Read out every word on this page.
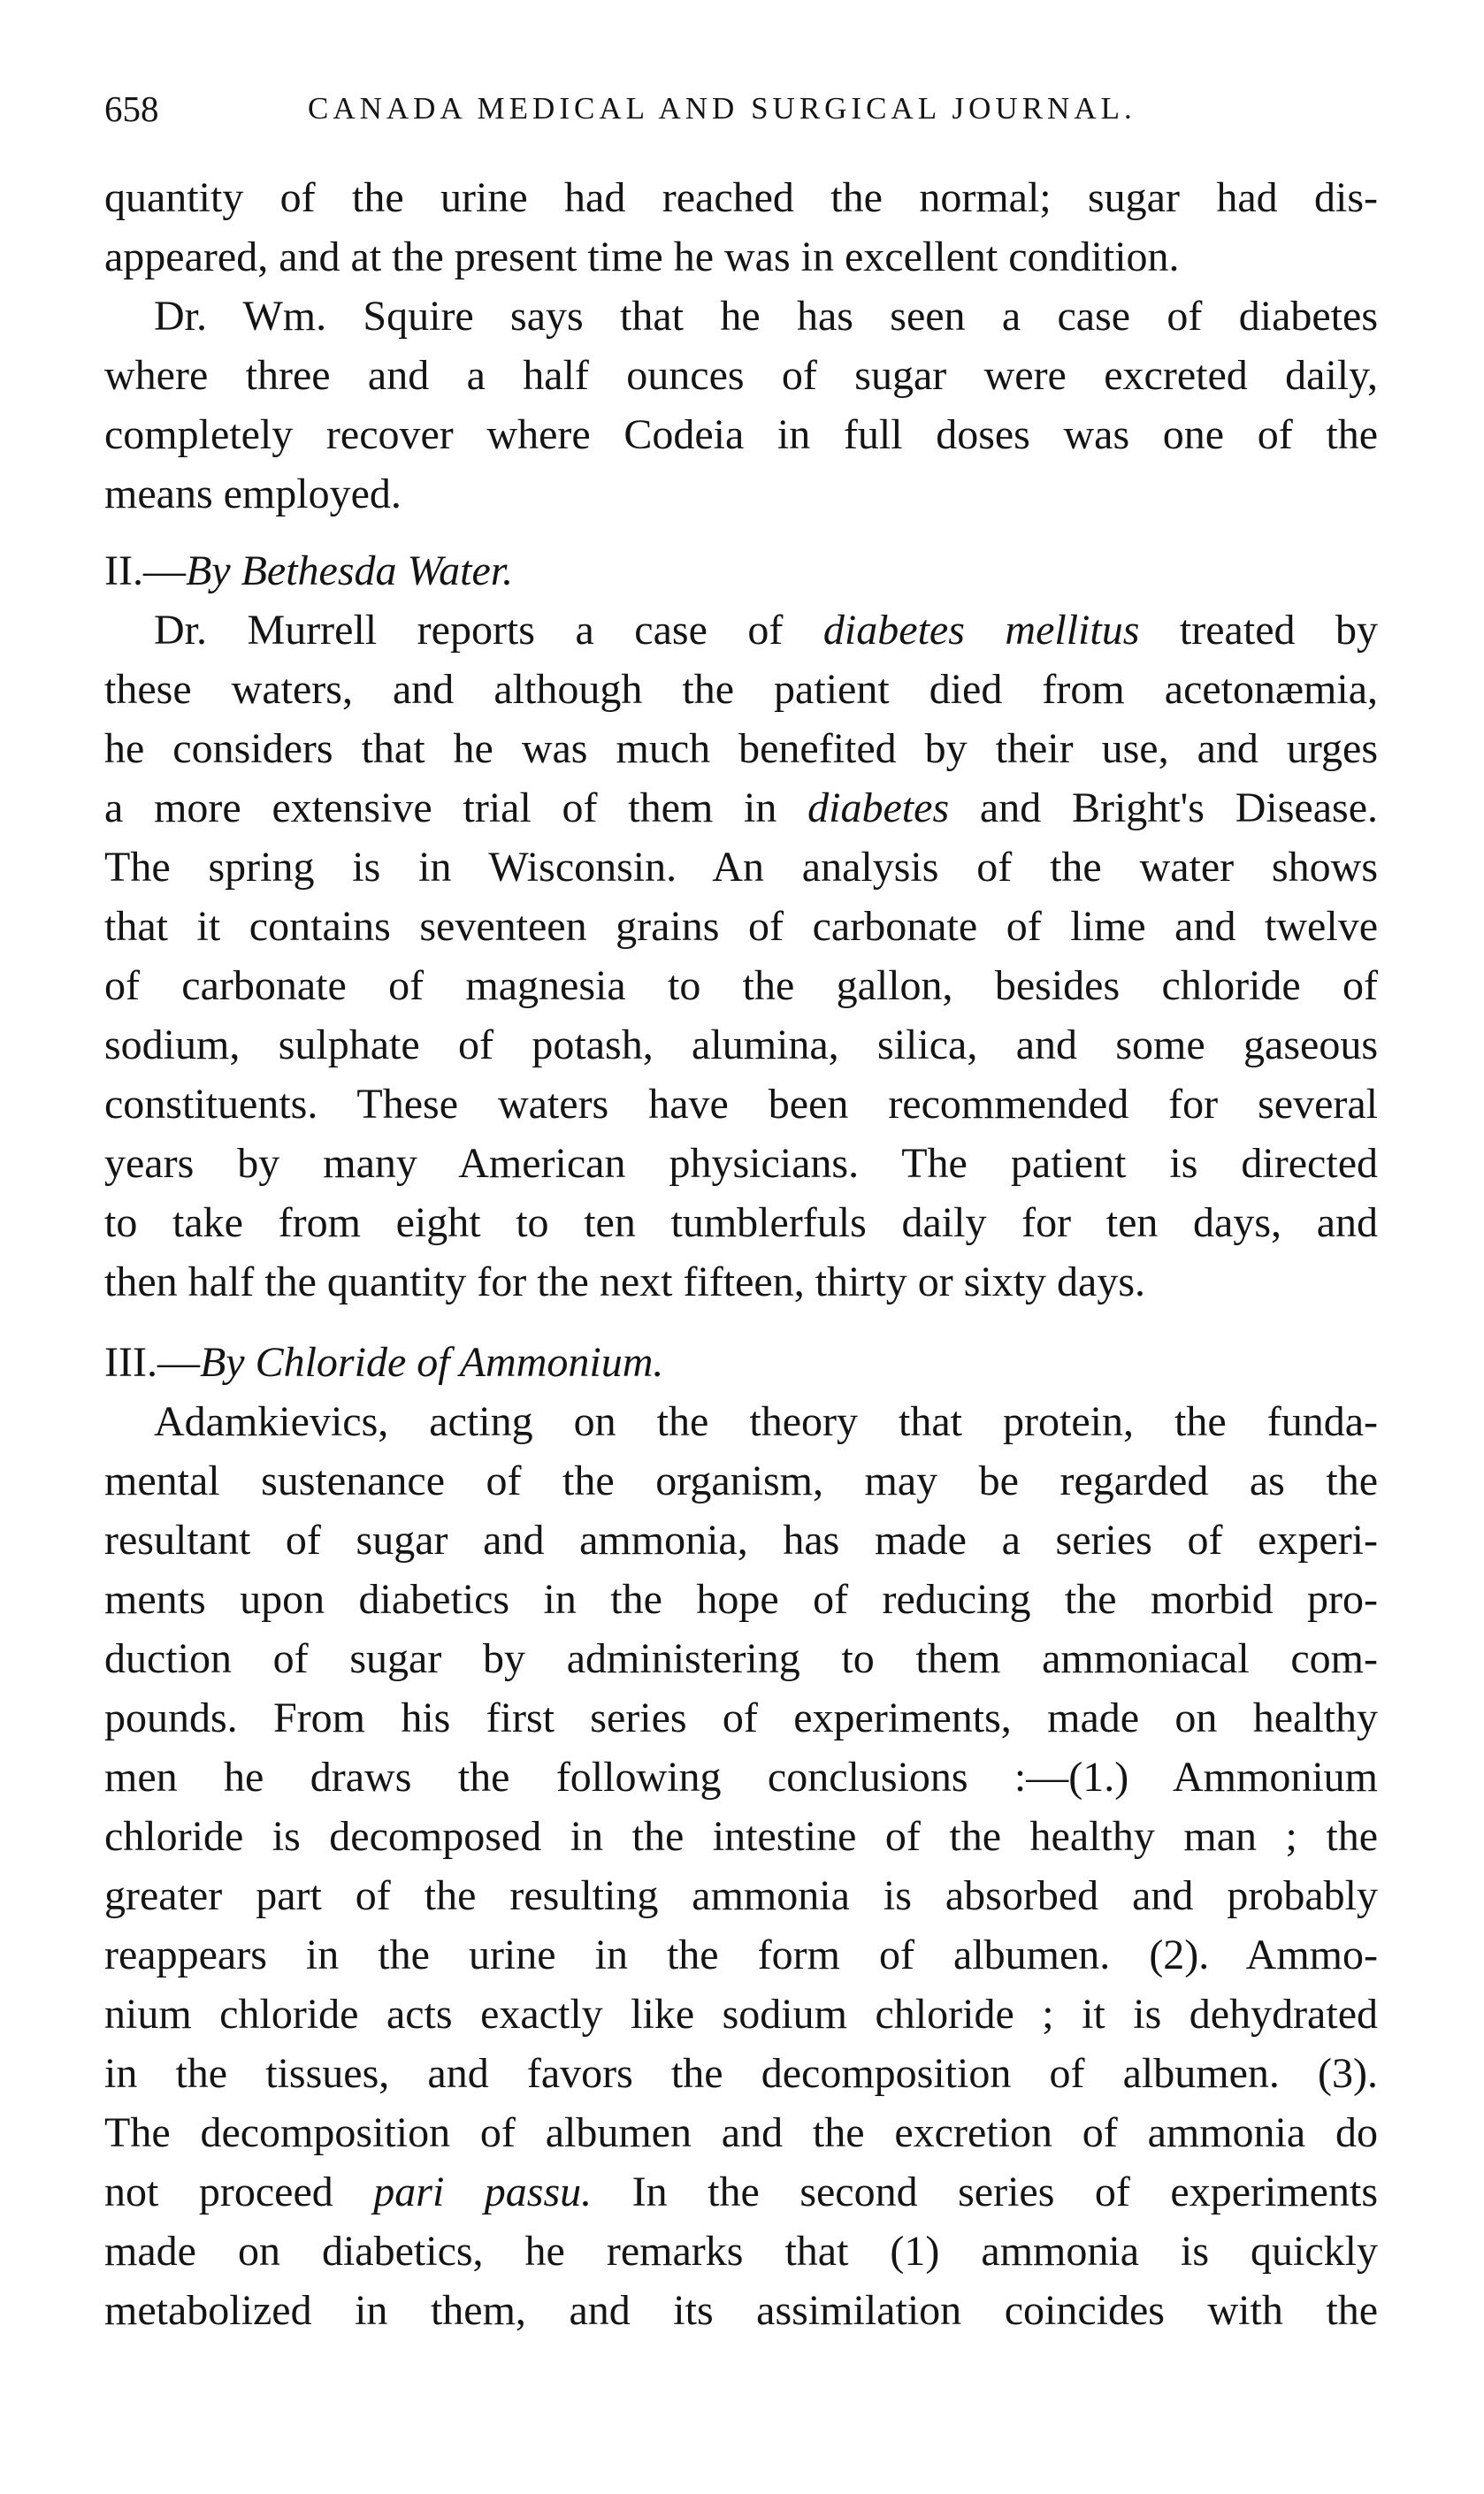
658	CANADA MEDICAL AND SURGICAL JOURNAL.
quantity of the urine had reached the normal; sugar had dis-
appeared, and at the present time he was in excellent condition.
Dr. Wm. Squire says that he has seen a case of diabetes
where three and a half ounces of sugar were excreted daily,
completely recover where Codeia in full doses was one of the
means employed.
II.—By Bethesda Water.
Dr. Murrell reports a case of diabetes mellitus treated by
these waters, and although the patient died from acetonæmia,
he considers that he was much benefited by their use, and urges
a more extensive trial of them in diabetes and Bright's Disease.
The spring is in Wisconsin. An analysis of the water shows
that it contains seventeen grains of carbonate of lime and twelve
of carbonate of magnesia to the gallon, besides chloride of
sodium, sulphate of potash, alumina, silica, and some gaseous
constituents. These waters have been recommended for several
years by many American physicians. The patient is directed
to take from eight to ten tumblerfuls daily for ten days, and
then half the quantity for the next fifteen, thirty or sixty days.
III.—By Chloride of Ammonium.
Adamkievics, acting on the theory that protein, the funda-
mental sustenance of the organism, may be regarded as the
resultant of sugar and ammonia, has made a series of experi-
ments upon diabetics in the hope of reducing the morbid pro-
duction of sugar by administering to them ammoniacal com-
pounds. From his first series of experiments, made on healthy
men he draws the following conclusions :—(1.) Ammonium
chloride is decomposed in the intestine of the healthy man ; the
greater part of the resulting ammonia is absorbed and probably
reappears in the urine in the form of albumen. (2). Ammo-
nium chloride acts exactly like sodium chloride ; it is dehydrated
in the tissues, and favors the decomposition of albumen. (3).
The decomposition of albumen and the excretion of ammonia do
not proceed pari passu. In the second series of experiments
made on diabetics, he remarks that (1) ammonia is quickly
metabolized in them, and its assimilation coincides with the
